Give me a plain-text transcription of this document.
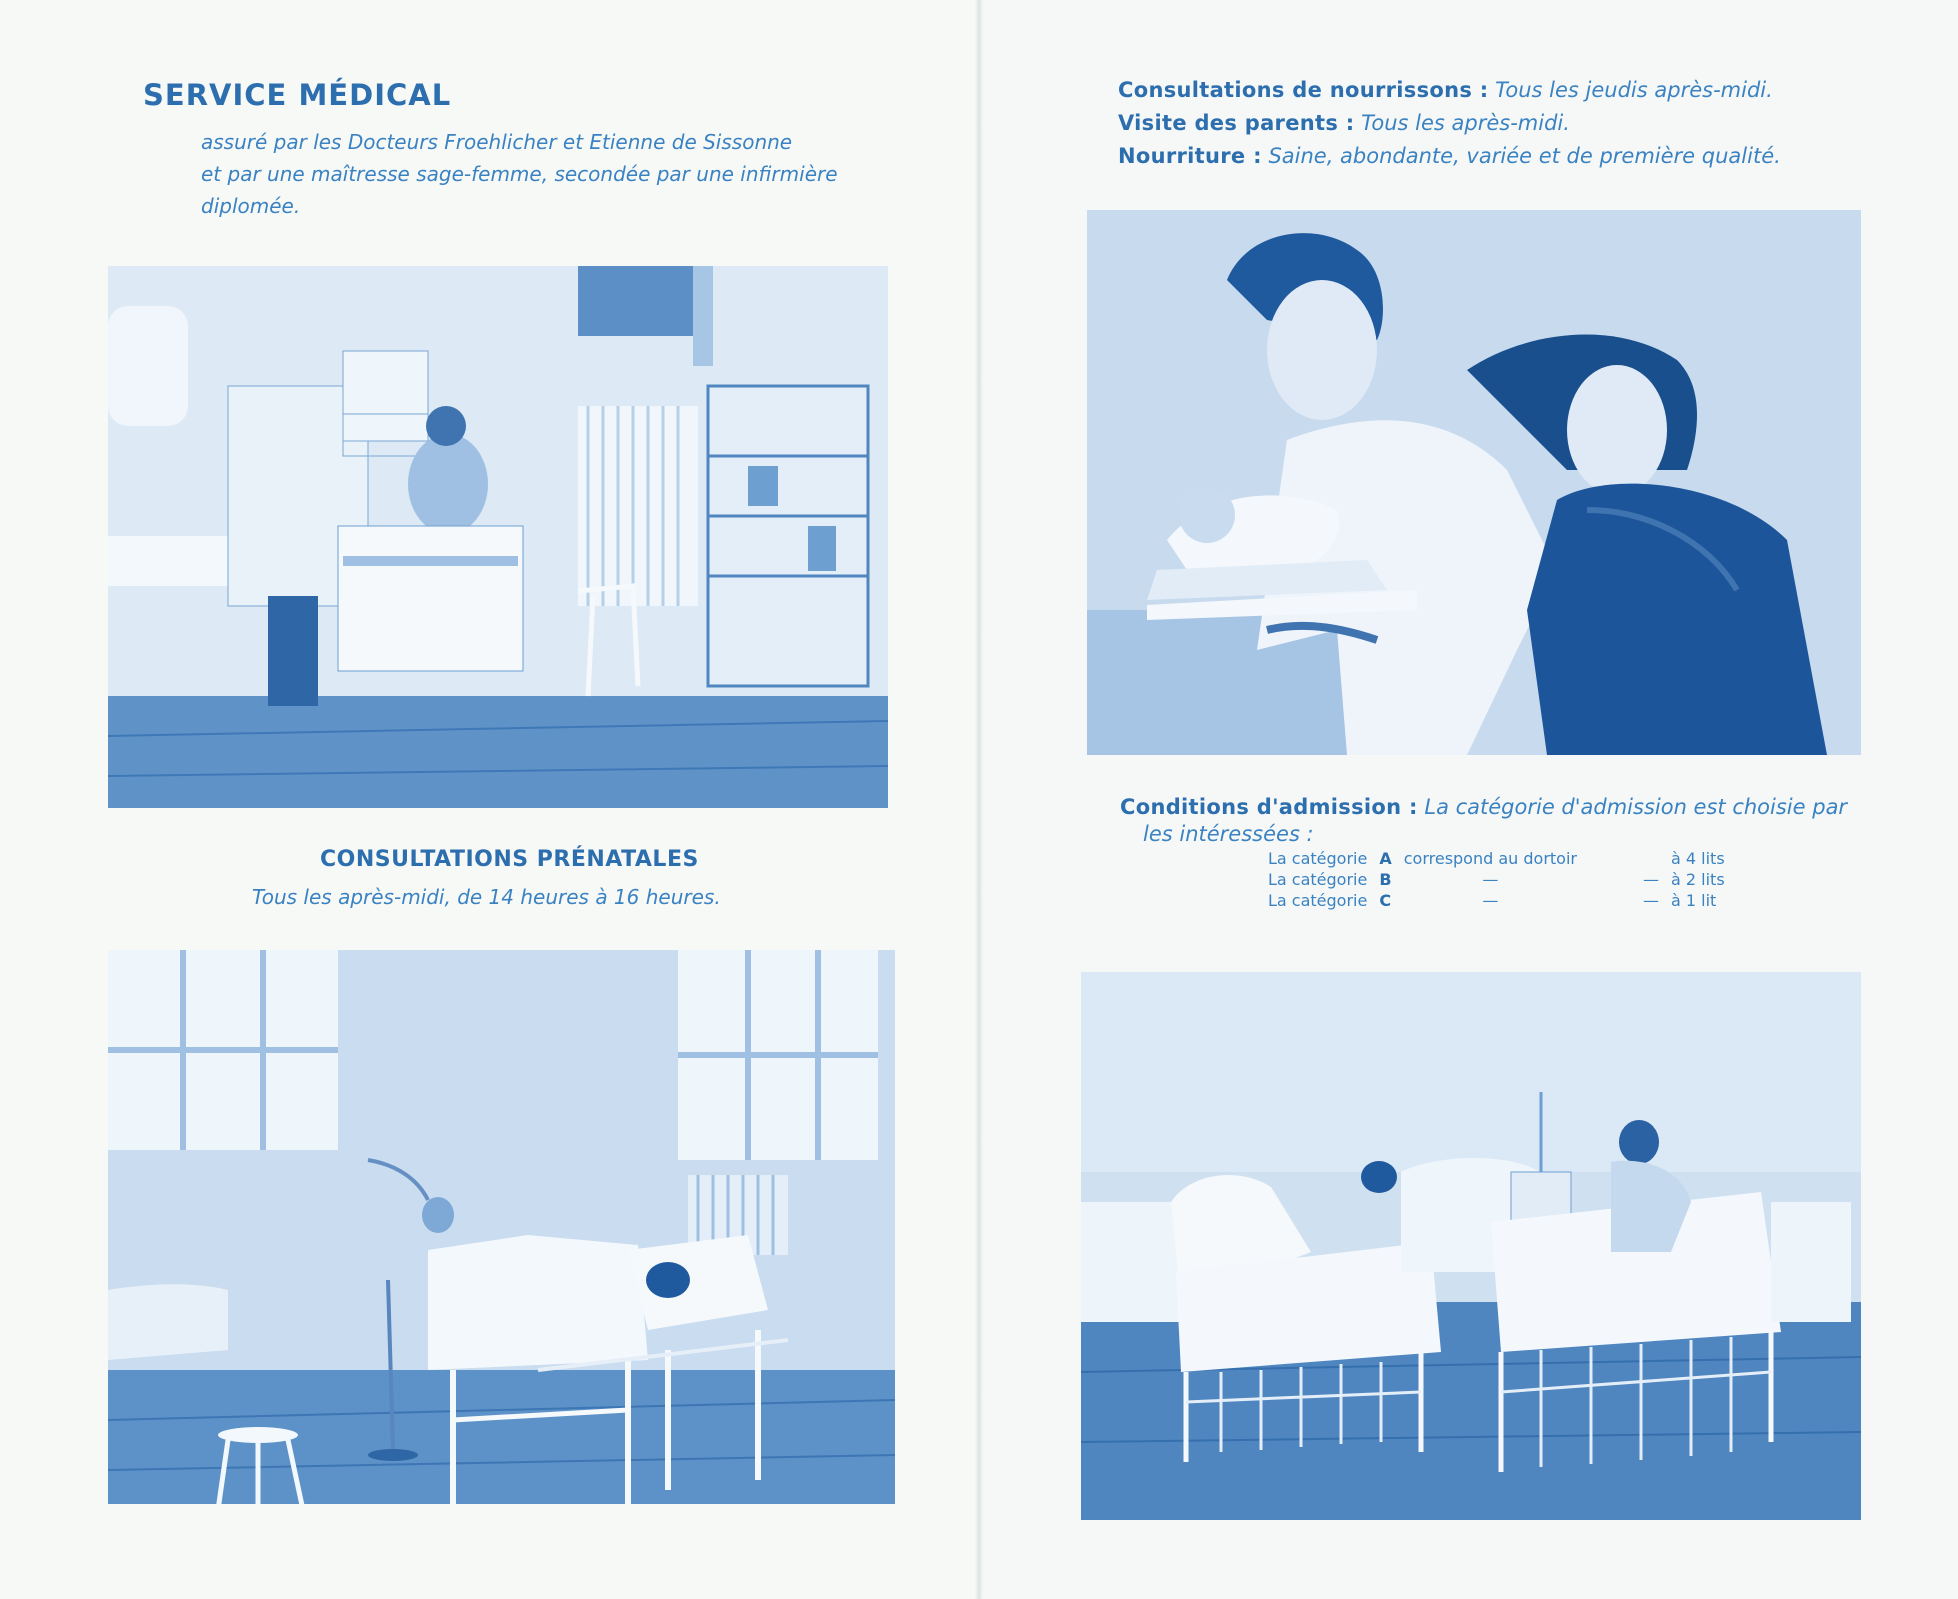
SERVICE MÉDICAL
assuré par les Docteurs Froehlicher et Etienne de Sissonne
et par une maîtresse sage-femme, secondée par une infirmière
diplomée.
CONSULTATIONS PRÉNATALES
Tous les après-midi, de 14 heures à 16 heures.
Consultations de nourrissons : Tous les jeudis après-midi.
Visite des parents : Tous les après-midi.
Nourriture : Saine, abondante, variée et de première qualité.
Conditions d'admission : La catégorie d'admission est choisie par
les intéressées :
La catégorie	A	correspond au dortoir		à 4 lits
La catégorie	B	—	—	à 2 lits
La catégorie	C	—	—	à 1 lit
